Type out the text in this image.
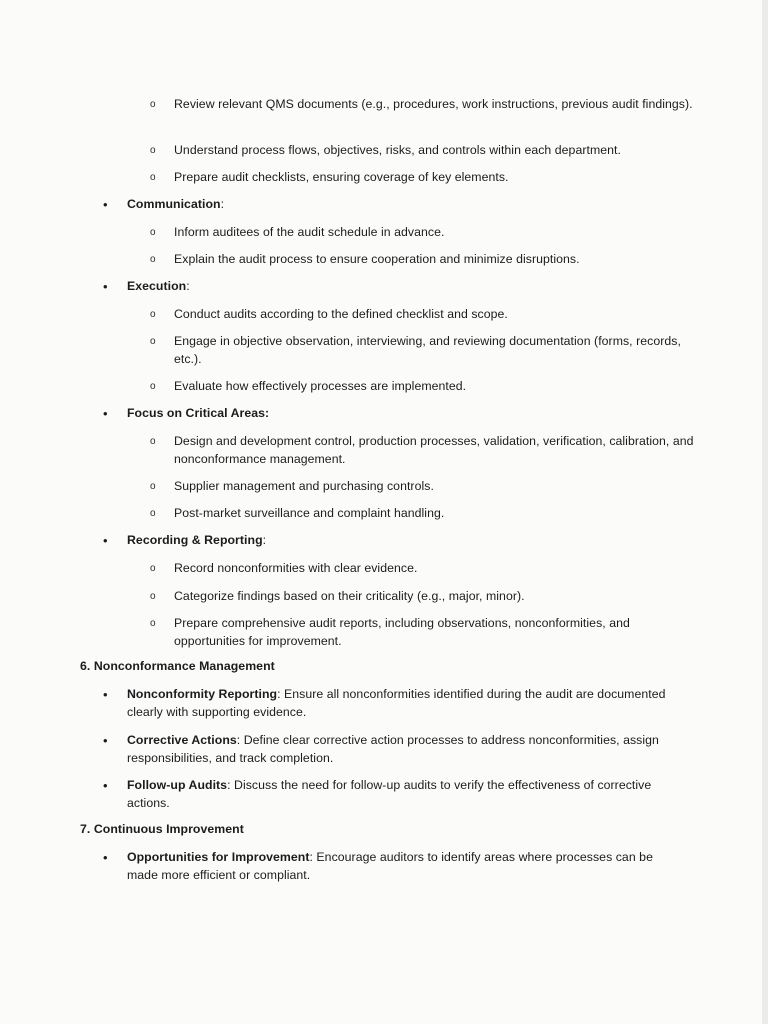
o Review relevant QMS documents (e.g., procedures, work instructions, previous audit findings).
o Understand process flows, objectives, risks, and controls within each department.
o Prepare audit checklists, ensuring coverage of key elements.
• Communication:
o Inform auditees of the audit schedule in advance.
o Explain the audit process to ensure cooperation and minimize disruptions.
• Execution:
o Conduct audits according to the defined checklist and scope.
o Engage in objective observation, interviewing, and reviewing documentation (forms, records, etc.).
o Evaluate how effectively processes are implemented.
• Focus on Critical Areas:
o Design and development control, production processes, validation, verification, calibration, and nonconformance management.
o Supplier management and purchasing controls.
o Post-market surveillance and complaint handling.
• Recording & Reporting:
o Record nonconformities with clear evidence.
o Categorize findings based on their criticality (e.g., major, minor).
o Prepare comprehensive audit reports, including observations, nonconformities, and opportunities for improvement.
6. Nonconformance Management
• Nonconformity Reporting: Ensure all nonconformities identified during the audit are documented clearly with supporting evidence.
• Corrective Actions: Define clear corrective action processes to address nonconformities, assign responsibilities, and track completion.
• Follow-up Audits: Discuss the need for follow-up audits to verify the effectiveness of corrective actions.
7. Continuous Improvement
• Opportunities for Improvement: Encourage auditors to identify areas where processes can be made more efficient or compliant.
